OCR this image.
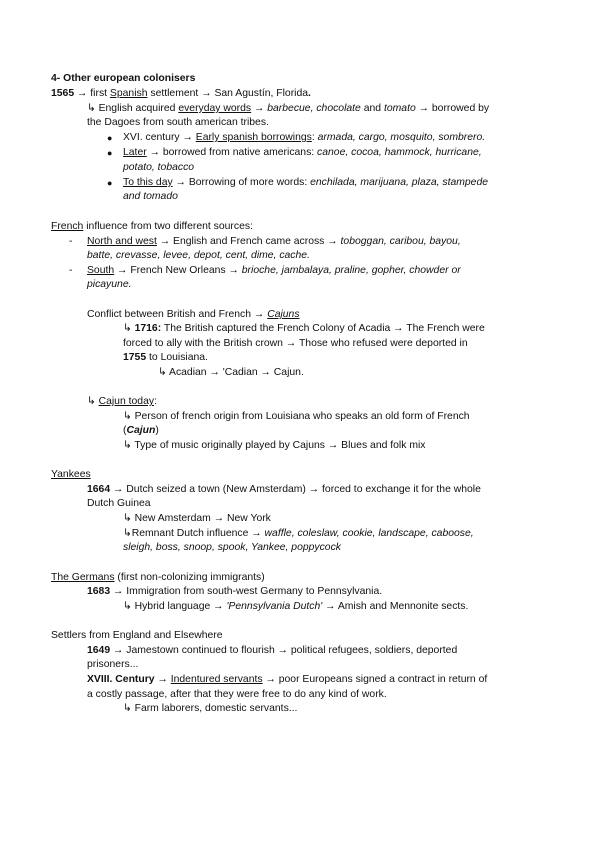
4- Other european colonisers
1565 → first Spanish settlement → San Agustín, Florida.
↳ English acquired everyday words → barbecue, chocolate and tomato → borrowed by
the Dagoes from south american tribes.
● XVI. century → Early spanish borrowings: armada, cargo, mosquito, sombrero.
● Later → borrowed from native americans: canoe, cocoa, hammock, hurricane,
potato, tobacco
● To this day → Borrowing of more words: enchilada, marijuana, plaza, stampede
and tomado
French influence from two different sources:
- North and west → English and French came across → toboggan, caribou, bayou,
batte, crevasse, levee, depot, cent, dime, cache.
- South → French New Orleans → brioche, jambalaya, praline, gopher, chowder or
picayune.
Conflict between British and French → Cajuns
↳ 1716: The British captured the French Colony of Acadia → The French were
forced to ally with the British crown → Those who refused were deported in
1755 to Louisiana.
↳ Acadian → 'Cadian → Cajun.
↳ Cajun today:
↳ Person of french origin from Louisiana who speaks an old form of French
(Cajun)
↳ Type of music originally played by Cajuns → Blues and folk mix
Yankees
1664 → Dutch seized a town (New Amsterdam) → forced to exchange it for the whole
Dutch Guinea
↳ New Amsterdam → New York
↳Remnant Dutch influence → waffle, coleslaw, cookie, landscape, caboose,
sleigh, boss, snoop, spook, Yankee, poppycock
The Germans (first non-colonizing immigrants)
1683 → Immigration from south-west Germany to Pennsylvania.
↳ Hybrid language → 'Pennsylvania Dutch' → Amish and Mennonite sects.
Settlers from England and Elsewhere
1649 → Jamestown continued to flourish → political refugees, soldiers, deported
prisoners...
XVIII. Century → Indentured servants → poor Europeans signed a contract in return of
a costly passage, after that they were free to do any kind of work.
↳ Farm laborers, domestic servants...
